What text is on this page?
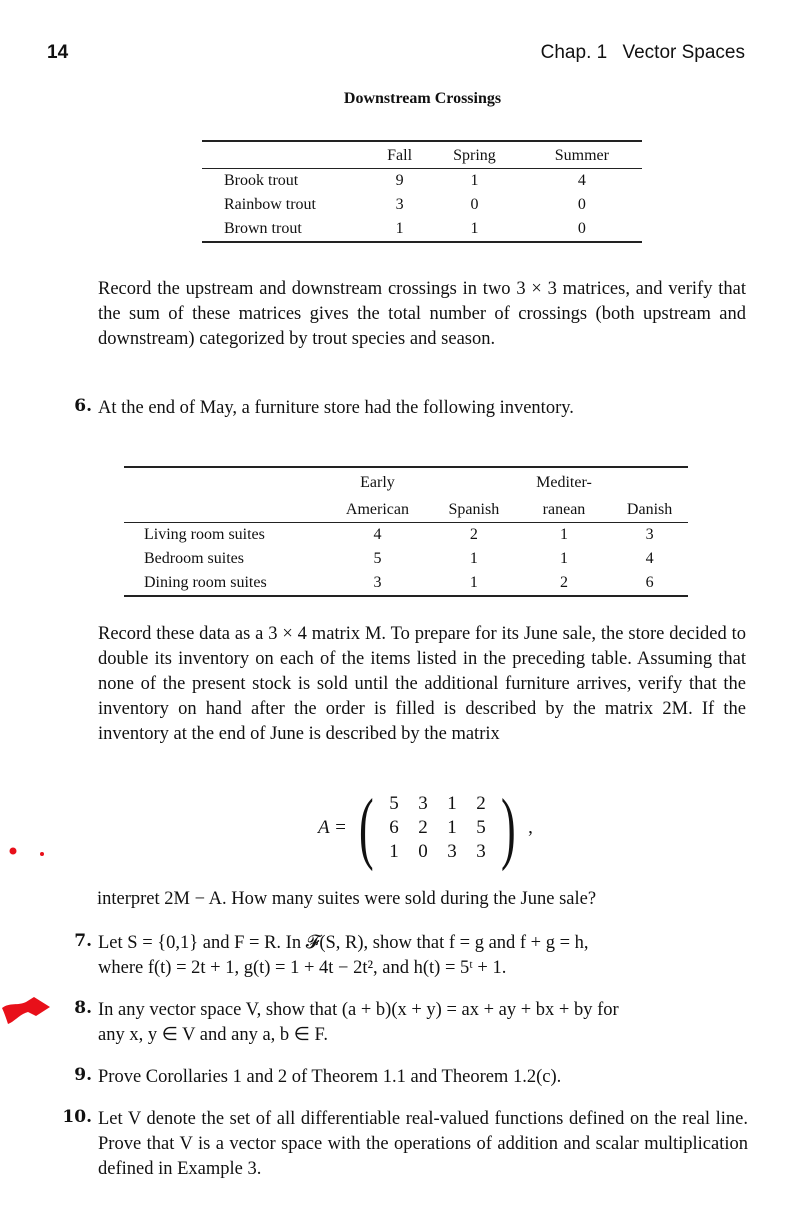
14	Chap. 1 Vector Spaces
Downstream Crossings
	Fall	Spring	Summer
Brook trout	9	1	4
Rainbow trout	3	0	0
Brown trout	1	1	0

Record the upstream and downstream crossings in two 3 × 3 matrices, and verify that the sum of these matrices gives the total number of crossings (both upstream and downstream) categorized by trout species and season.

6. At the end of May, a furniture store had the following inventory.

	Early		Mediter-	
	American	Spanish	ranean	Danish
Living room suites	4	2	1	3
Bedroom suites	5	1	1	4
Dining room suites	3	1	2	6

Record these data as a 3 × 4 matrix M. To prepare for its June sale, the store decided to double its inventory on each of the items listed in the preceding table. Assuming that none of the present stock is sold until the additional furniture arrives, verify that the inventory on hand after the order is filled is described by the matrix 2M. If the inventory at the end of June is described by the matrix

A = ( 5	3	1	2
6	2	1	5
1	0	3	3 ) ,

interpret 2M − A. How many suites were sold during the June sale?

7. Let S = {0,1} and F = R. In 𝓕(S, R), show that f = g and f + g = h,

where f(t) = 2t + 1, g(t) = 1 + 4t − 2t², and h(t) = 5ᵗ + 1.

8. In any vector space V, show that (a + b)(x + y) = ax + ay + bx + by for

any x, y ∈ V and any a, b ∈ F.

9. Prove Corollaries 1 and 2 of Theorem 1.1 and Theorem 1.2(c).

10. Let V denote the set of all differentiable real-valued functions defined on the real line. Prove that V is a vector space with the operations of addition and scalar multiplication defined in Example 3.
